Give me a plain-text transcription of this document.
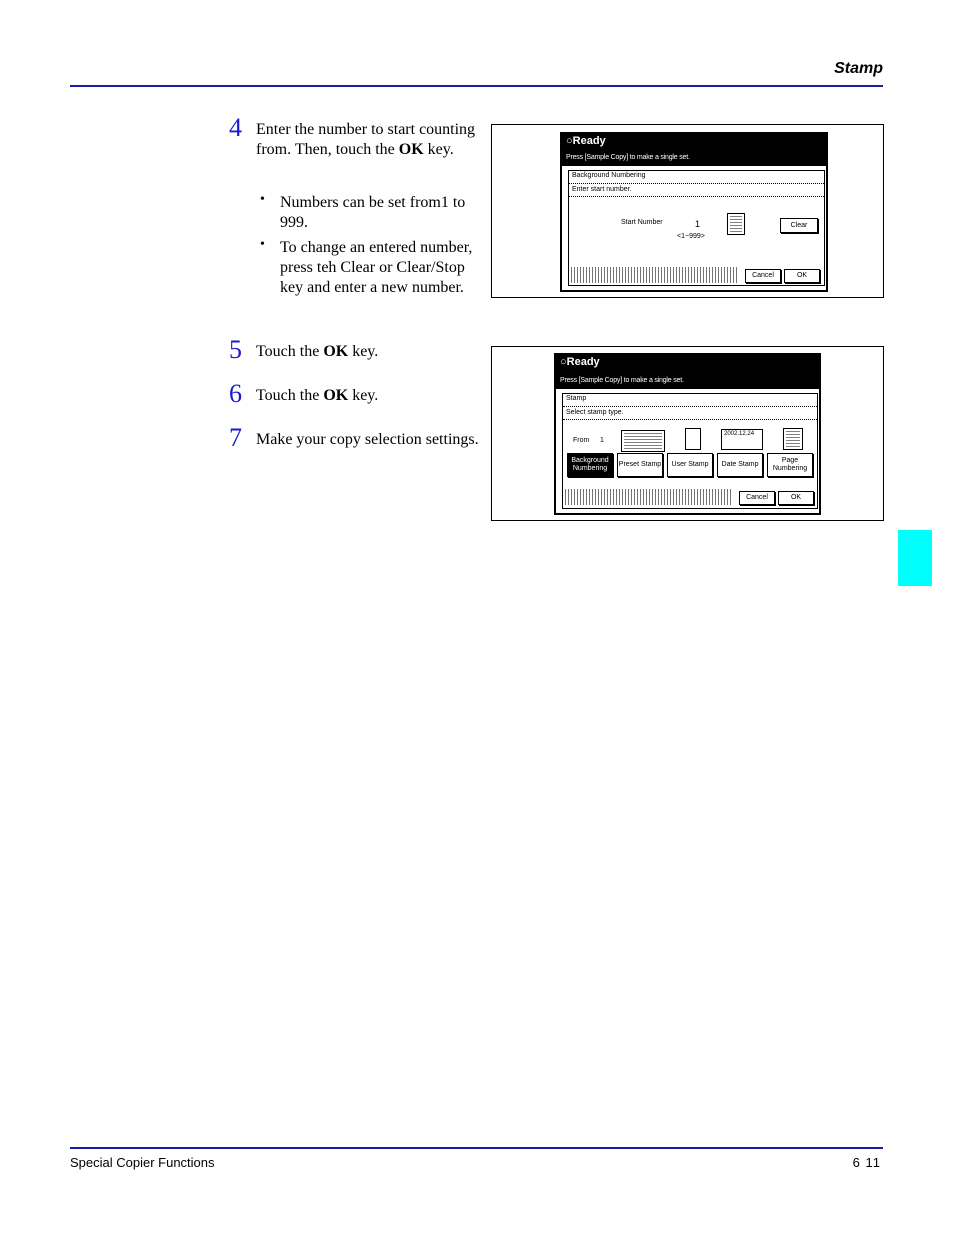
Stamp
4 Enter the number to start counting from. Then, touch the OK key.
• Numbers can be set from1 to 999.
• To change an entered number, press teh Clear or Clear/Stop key and enter a new number.
5 Touch the OK key.
6 Touch the OK key.
7 Make your copy selection settings.
○Ready
Press [Sample Copy] to make a single set.
Background Numbering
Enter start number.
Start Number	1
<1~999>
Clear
Cancel	OK
○Ready
Press [Sample Copy] to make a single set.
Stamp
Select stamp type.
From 1
2002.12.24
Background Numbering
Preset Stamp	User Stamp	Date Stamp
Page Numbering
Cancel	OK
Special Copier Functions	6 11
